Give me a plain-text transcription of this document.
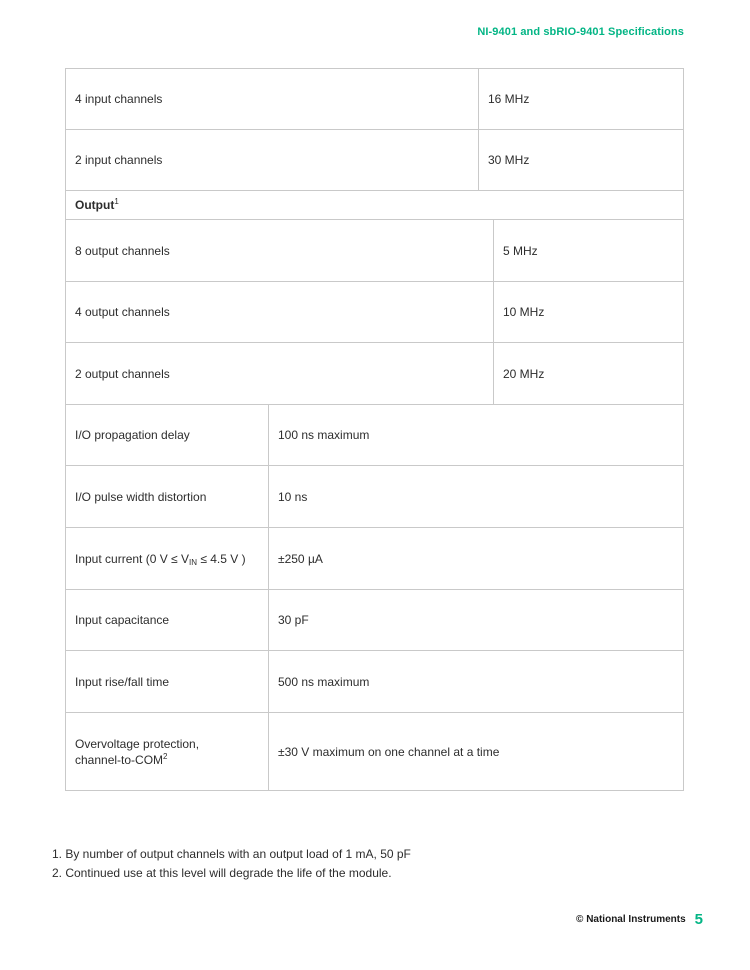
NI-9401 and sbRIO-9401 Specifications
4 input channels	16 MHz
2 input channels	30 MHz
Output$^1$
8 output channels	5 MHz
4 output channels	10 MHz
2 output channels	20 MHz
I/O propagation delay	100 ns maximum
I/O pulse width distortion	10 ns
Input current (0 $V \le V_{IN} \le 4.5$ V )	±250 µA
Input capacitance	30 pF
Input rise/fall time	500 ns maximum
Overvoltage protection,
channel-to-COM$^2$	±30 V maximum on one channel at a time
1. By number of output channels with an output load of 1 mA, 50 pF
2. Continued use at this level will degrade the life of the module.
© National Instruments 5
